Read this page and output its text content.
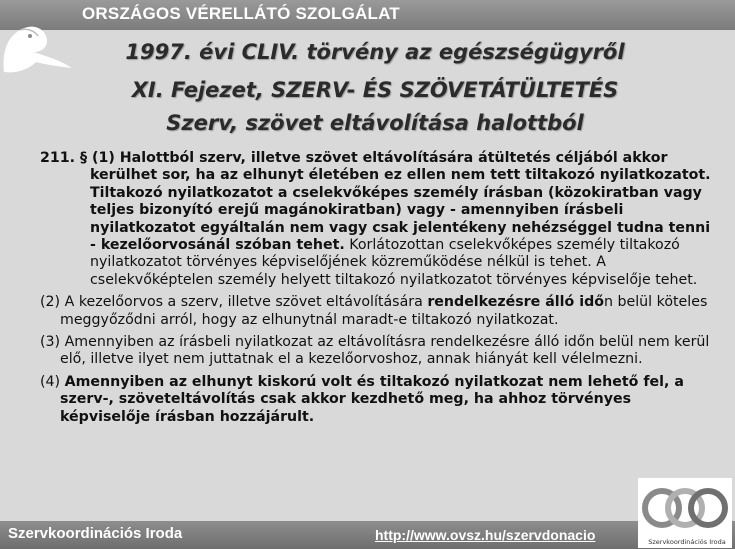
ORSZÁGOS VÉRELLÁTÓ SZOLGÁLAT
1997. évi CLIV. törvény az egészségügyről
XI. Fejezet, SZERV- ÉS SZÖVETÁTÜLTETÉS
Szerv, szövet eltávolítása halottból

211. § (1) Halottból szerv, illetve szövet eltávolítására átültetés céljából akkor kerülhet sor, ha az elhunyt életében ez ellen nem tett tiltakozó nyilatkozatot. Tiltakozó nyilatkozatot a cselekvőképes személy írásban (közokiratban vagy teljes bizonyító erejű magánokiratban) vagy - amennyiben írásbeli nyilatkozatot egyáltalán nem vagy csak jelentékeny nehézséggel tudna tenni - kezelőorvosánál szóban tehet. Korlátozottan cselekvőképes személy tiltakozó nyilatkozatot törvényes képviselőjének közreműködése nélkül is tehet. A cselekvőképtelen személy helyett tiltakozó nyilatkozatot törvényes képviselője tehet.

(2) A kezelőorvos a szerv, illetve szövet eltávolítására rendelkezésre álló időn belül köteles meggyőződni arról, hogy az elhunytnál maradt-e tiltakozó nyilatkozat.

(3) Amennyiben az írásbeli nyilatkozat az eltávolításra rendelkezésre álló időn belül nem kerül elő, illetve ilyet nem juttatnak el a kezelőorvoshoz, annak hiányát kell vélelmezni.

(4) Amennyiben az elhunyt kiskorú volt és tiltakozó nyilatkozat nem lehető fel, a szerv-, szöveteltávolítás csak akkor kezdhető meg, ha ahhoz törvényes képviselője írásban hozzájárult.

Szervkoordinációs Iroda	http://www.ovsz.hu/szervdonacio	Szervkoordinációs Iroda
